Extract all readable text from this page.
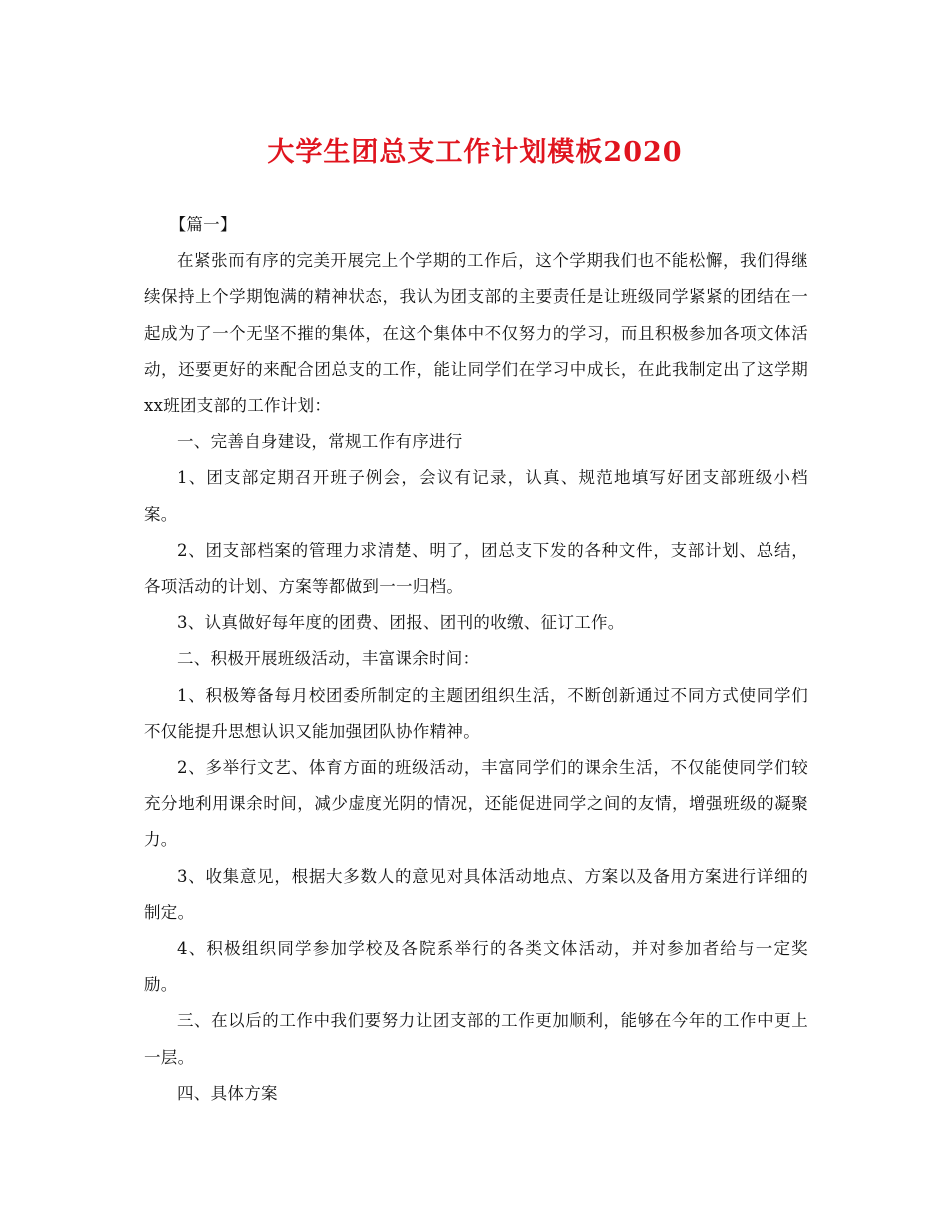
大学生团总支工作计划模板2020

【篇一】

在紧张而有序的完美开展完上个学期的工作后，这个学期我们也不能松懈，我们得继续保持上个学期饱满的精神状态，我认为团支部的主要责任是让班级同学紧紧的团结在一起成为了一个无坚不摧的集体，在这个集体中不仅努力的学习，而且积极参加各项文体活动，还要更好的来配合团总支的工作，能让同学们在学习中成长，在此我制定出了这学期xx班团支部的工作计划：

一、完善自身建设，常规工作有序进行

1、团支部定期召开班子例会，会议有记录，认真、规范地填写好团支部班级小档案。

2、团支部档案的管理力求清楚、明了，团总支下发的各种文件，支部计划、总结，各项活动的计划、方案等都做到一一归档。

3、认真做好每年度的团费、团报、团刊的收缴、征订工作。

二、积极开展班级活动，丰富课余时间：

1、积极筹备每月校团委所制定的主题团组织生活，不断创新通过不同方式使同学们不仅能提升思想认识又能加强团队协作精神。

2、多举行文艺、体育方面的班级活动，丰富同学们的课余生活，不仅能使同学们较充分地利用课余时间，减少虚度光阴的情况，还能促进同学之间的友情，增强班级的凝聚力。

3、收集意见，根据大多数人的意见对具体活动地点、方案以及备用方案进行详细的制定。

4、积极组织同学参加学校及各院系举行的各类文体活动，并对参加者给与一定奖励。

三、在以后的工作中我们要努力让团支部的工作更加顺利，能够在今年的工作中更上一层。

四、具体方案
